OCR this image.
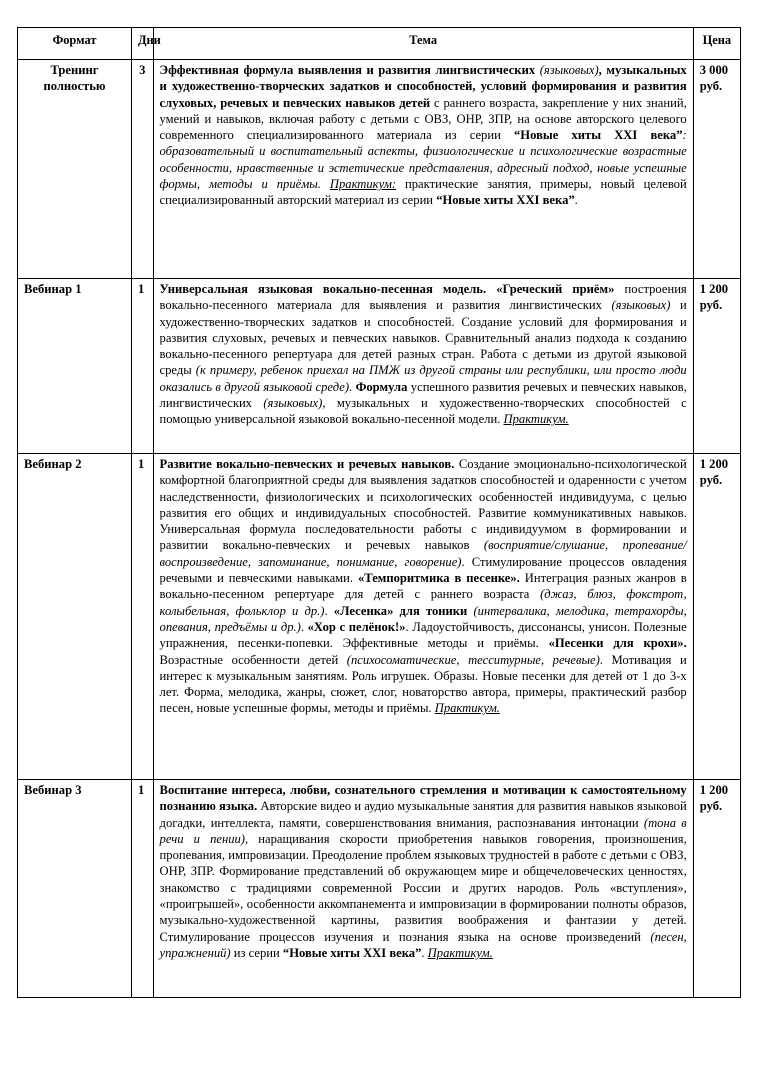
Формат	Дни	Тема	Цена
Тренинг полностью	3	Эффективная формула выявления и развития лингвистических (языковых), музыкальных и художественно-творческих задатков и способностей, условий формирования и развития слуховых, речевых и певческих навыков детей с раннего возраста, закрепление у них знаний, умений и навыков, включая работу с детьми с ОВЗ, ОНР, ЗПР, на основе авторского целевого современного специализированного материала из серии “Новые хиты XXI века”: образовательный и воспитательный аспекты, физиологические и психологические возрастные особенности, нравственные и эстетические представления, адресный подход, новые успешные формы, методы и приёмы. Практикум: практические занятия, примеры, новый целевой специализированный авторский материал из серии “Новые хиты XXI века”.	3 000 руб.
Вебинар 1	1	Универсальная языковая вокально-песенная модель. «Греческий приём» построения вокально-песенного материала для выявления и развития лингвистических (языковых) и художественно-творческих задатков и способностей. Создание условий для формирования и развития слуховых, речевых и певческих навыков. Сравнительный анализ подхода к созданию вокально-песенного репертуара для детей разных стран. Работа с детьми из другой языковой среды (к примеру, ребенок приехал на ПМЖ из другой страны или республики, или просто люди оказались в другой языковой среде). Формула успешного развития речевых и певческих навыков, лингвистических (языковых), музыкальных и художественно-творческих способностей с помощью универсальной языковой вокально-песенной модели. Практикум.	1 200 руб.
Вебинар 2	1	Развитие вокально-певческих и речевых навыков. Создание эмоционально-психологической комфортной благоприятной среды для выявления задатков способностей и одаренности с учетом наследственности, физиологических и психологических особенностей индивидуума, с целью развития его общих и индивидуальных способностей. Развитие коммуникативных навыков. Универсальная формула последовательности работы с индивидуумом в формировании и развитии вокально-певческих и речевых навыков (восприятие/слушание, пропевание/воспроизведение, запоминание, понимание, говорение). Стимулирование процессов овладения речевыми и певческими навыками. «Темпоритмика в песенке». Интеграция разных жанров в вокально-песенном репертуаре для детей с раннего возраста (джаз, блюз, фокстрот, колыбельная, фольклор и др.). «Лесенка» для тоники (интервалика, мелодика, тетрахорды, опевания, предъёмы и др.). «Хор с пелёнок!». Ладоустойчивость, диссонансы, унисон. Полезные упражнения, песенки-попевки. Эффективные методы и приёмы. «Песенки для крохи». Возрастные особенности детей (психосоматические, тесситурные, речевые). Мотивация и интерес к музыкальным занятиям. Роль игрушек. Образы. Новые песенки для детей от 1 до 3-х лет. Форма, мелодика, жанры, сюжет, слог, новаторство автора, примеры, практический разбор песен, новые успешные формы, методы и приёмы. Практикум.	1 200 руб.
Вебинар 3	1	Воспитание интереса, любви, сознательного стремления и мотивации к самостоятельному познанию языка. Авторские видео и аудио музыкальные занятия для развития навыков языковой догадки, интеллекта, памяти, совершенствования внимания, распознавания интонации (тона в речи и пении), наращивания скорости приобретения навыков говорения, произношения, пропевания, импровизации. Преодоление проблем языковых трудностей в работе с детьми с ОВЗ, ОНР, ЗПР. Формирование представлений об окружающем мире и общечеловеческих ценностях, знакомство с традициями современной России и других народов. Роль «вступления», «проигрышей», особенности аккомпанемента и импровизации в формировании полноты образов, музыкально-художественной картины, развития воображения и фантазии у детей. Стимулирование процессов изучения и познания языка на основе произведений (песен, упражнений) из серии “Новые хиты XXI века”. Практикум.	1 200 руб.
